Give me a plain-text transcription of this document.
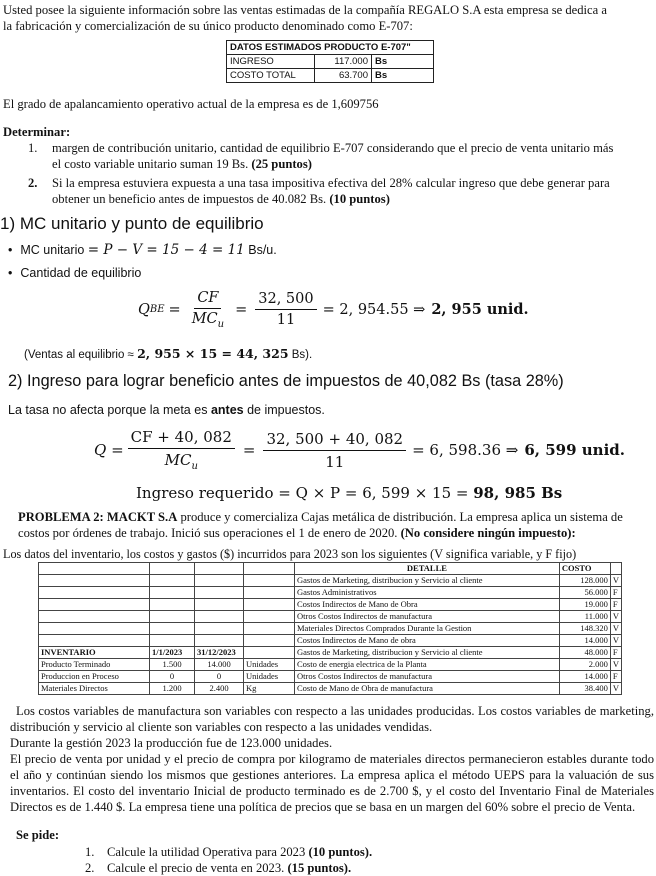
Usted posee la siguiente información sobre las ventas estimadas de la compañía REGALO S.A esta empresa se dedica a

la fabricación y comercialización de su único producto denominado como E-707:

DATOS ESTIMADOS PRODUCTO E-707"		
INGRESO	117.000	Bs
COSTO TOTAL	63.700	Bs

El grado de apalancamiento operativo actual de la empresa es de 1,609756

Determinar:

1.	margen de contribución unitario, cantidad de equilibrio E-707 considerando que el precio de venta unitario más

el costo variable unitario suman 19 Bs. (25 puntos)

2.	Si la empresa estuviera expuesta a una tasa impositiva efectiva del 28% calcular ingreso que debe generar para

obtener un beneficio antes de impuestos de 40.082 Bs. (10 puntos)

1) MC unitario y punto de equilibrio

• MC unitario = P − V = 15 − 4 = 11 Bs/u.
• Cantidad de equilibrio
Q BE = $\frac{CF}{MC_u} = \frac{32, 500}{11} = 2$, 954.55 ⇒ 2, 955 unid.
(Ventas al equilibrio ≈ 2, 955 × 15 = 44, 325 Bs).

2) Ingreso para lograr beneficio antes de impuestos de 40,082 Bs (tasa 28%)

La tasa no afecta porque la meta es antes de impuestos.
$Q = \frac{CF + 40, 082}{MC_u} = \frac{32, 500 + 40, 082}{11} = 6$, 598.36 ⇒ 6, 599 unid.
Ingreso requerido = Q × P = 6, 599 × 15 = 98, 985 Bs

PROBLEMA 2: MACKT S.A produce y comercializa Cajas metálica de distribución. La empresa aplica un sistema de

costos por órdenes de trabajo. Inició sus operaciones el 1 de enero de 2020. (No considere ningún impuesto):

Los datos del inventario, los costos y gastos ($) incurridos para 2023 son los siguientes (V significa variable, y F fijo)

				DETALLE	COSTO	
				Gastos de Marketing, distribucion y Servicio al cliente	128.000	V
				Gastos Administrativos	56.000	F
				Costos Indirectos de Mano de Obra	19.000	F
				Otros Costos Indirectos de manufactura	11.000	V
				Materiales Directos Comprados Durante la Gestion	148.320	V
				Costos Indirectos de Mano de obra	14.000	V
INVENTARIO	1/1/2023	31/12/2023		Gastos de Marketing, distribucion y Servicio al cliente	48.000	F
Producto Terminado	1.500	14.000	Unidades	Costo de energia electrica de la Planta	2.000	V
Produccion en Proceso	0	0	Unidades	Otros Costos Indirectos de manufactura	14.000	F
Materiales Directos	1.200	2.400	Kg	Costo de Mano de Obra de manufactura	38.400	V

Los costos variables de manufactura son variables con respecto a las unidades producidas. Los costos variables de marketing, distribución y servicio al cliente son variables con respecto a las unidades vendidas.

Durante la gestión 2023 la producción fue de 123.000 unidades.

El precio de venta por unidad y el precio de compra por kilogramo de materiales directos permanecieron estables durante todo el año y continúan siendo los mismos que gestiones anteriores. La empresa aplica el método UEPS para la valuación de sus inventarios. El costo del inventario Inicial de producto terminado es de 2.700 $, y el costo del Inventario Final de Materiales Directos es de 1.440 $. La empresa tiene una política de precios que se basa en un margen del 60% sobre el precio de Venta.

Se pide:

1. Calcule la utilidad Operativa para 2023 (10 puntos).

2. Calcule el precio de venta en 2023. (15 puntos).
